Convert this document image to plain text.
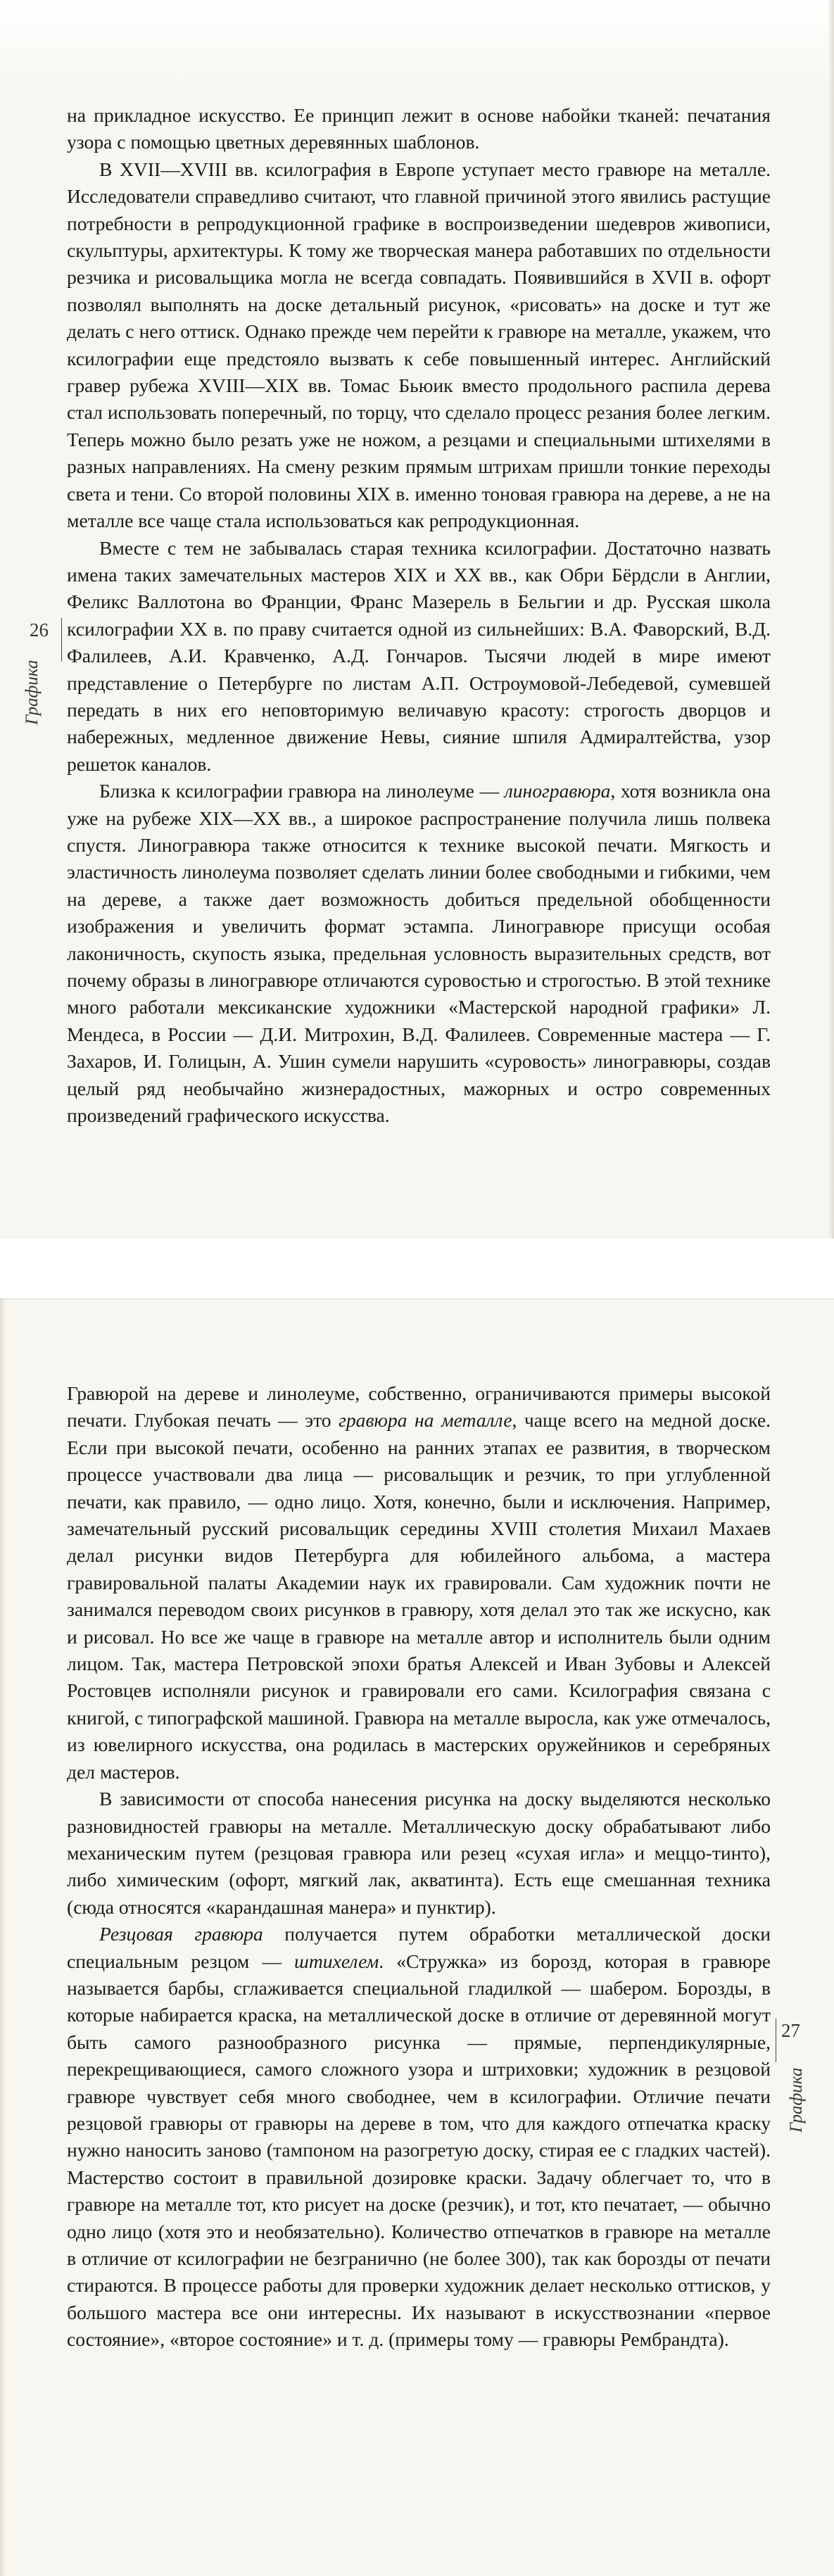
на прикладное искусство. Ее принцип лежит в основе набойки тканей: печатания узора с помощью цветных деревянных шаблонов.

В XVII—XVIII вв. ксилография в Европе уступает место гравюре на металле. Исследователи справедливо считают, что главной причиной этого явились растущие потребности в репродукционной графике в воспроизведении шедевров живописи, скульптуры, архитектуры. К тому же творческая манера работавших по отдельности резчика и рисовальщика могла не всегда совпадать. Появившийся в XVII в. офорт позволял выполнять на доске детальный рисунок, «рисовать» на доске и тут же делать с него оттиск. Однако прежде чем перейти к гравюре на металле, укажем, что ксилографии еще предстояло вызвать к себе повышенный интерес. Английский гравер рубежа XVIII—XIX вв. Томас Бьюик вместо продольного распила дерева стал использовать поперечный, по торцу, что сделало процесс резания более легким. Теперь можно было резать уже не ножом, а резцами и специальными штихелями в разных направлениях. На смену резким прямым штрихам пришли тонкие переходы света и тени. Со второй половины XIX в. именно тоновая гравюра на дереве, а не на металле все чаще стала использоваться как репродукционная.

Вместе с тем не забывалась старая техника ксилографии. Достаточно назвать имена таких замечательных мастеров XIX и XX вв., как Обри Бёрдсли в Англии, Феликс Валлотона во Франции, Франс Мазерель в Бельгии и др. Русская школа ксилографии XX в. по праву считается одной из сильнейших: В.А. Фаворский, В.Д. Фалилеев, А.И. Кравченко, А.Д. Гончаров. Тысячи людей в мире имеют представление о Петербурге по листам А.П. Остроумовой-Лебедевой, сумевшей передать в них его неповторимую величавую красоту: строгость дворцов и набережных, медленное движение Невы, сияние шпиля Адмиралтейства, узор решеток каналов.

Близка к ксилографии гравюра на линолеуме — линогравюра, хотя возникла она уже на рубеже XIX—XX вв., а широкое распространение получила лишь полвека спустя. Линогравюра также относится к технике высокой печати. Мягкость и эластичность линолеума позволяет сделать линии более свободными и гибкими, чем на дереве, а также дает возможность добиться предельной обобщенности изображения и увеличить формат эстампа. Линогравюре присущи особая лаконичность, скупость языка, предельная условность выразительных средств, вот почему образы в линогравюре отличаются суровостью и строгостью. В этой технике много работали мексиканские художники «Мастерской народной графики» Л. Мендеса, в России — Д.И. Митрохин, В.Д. Фалилеев. Современные мастера — Г. Захаров, И. Голицын, А. Ушин сумели нарушить «суровость» линогравюры, создав целый ряд необычайно жизнерадостных, мажорных и остро современных произведений графического искусства.

Гравюрой на дереве и линолеуме, собственно, ограничиваются примеры высокой печати. Глубокая печать — это гравюра на металле, чаще всего на медной доске. Если при высокой печати, особенно на ранних этапах ее развития, в творческом процессе участвовали два лица — рисовальщик и резчик, то при углубленной печати, как правило, — одно лицо. Хотя, конечно, были и исключения. Например, замечательный русский рисовальщик середины XVIII столетия Михаил Махаев делал рисунки видов Петербурга для юбилейного альбома, а мастера гравировальной палаты Академии наук их гравировали. Сам художник почти не занимался переводом своих рисунков в гравюру, хотя делал это так же искусно, как и рисовал. Но все же чаще в гравюре на металле автор и исполнитель были одним лицом. Так, мастера Петровской эпохи братья Алексей и Иван Зубовы и Алексей Ростовцев исполняли рисунок и гравировали его сами. Ксилография связана с книгой, с типографской машиной. Гравюра на металле выросла, как уже отмечалось, из ювелирного искусства, она родилась в мастерских оружейников и серебряных дел мастеров.

В зависимости от способа нанесения рисунка на доску выделяются несколько разновидностей гравюры на металле. Металлическую доску обрабатывают либо механическим путем (резцовая гравюра или резец «сухая игла» и меццо-тинто), либо химическим (офорт, мягкий лак, акватинта). Есть еще смешанная техника (сюда относятся «карандашная манера» и пунктир).

Резцовая гравюра получается путем обработки металлической доски специальным резцом — штихелем. «Стружка» из борозд, которая в гравюре называется барбы, сглаживается специальной гладилкой — шабером. Борозды, в которые набирается краска, на металлической доске в отличие от деревянной могут быть самого разнообразного рисунка — прямые, перпендикулярные, перекрещивающиеся, самого сложного узора и штриховки; художник в резцовой гравюре чувствует себя много свободнее, чем в ксилографии. Отличие печати резцовой гравюры от гравюры на дереве в том, что для каждого отпечатка краску нужно наносить заново (тампоном на разогретую доску, стирая ее с гладких частей). Мастерство состоит в правильной дозировке краски. Задачу облегчает то, что в гравюре на металле тот, кто рисует на доске (резчик), и тот, кто печатает, — обычно одно лицо (хотя это и необязательно). Количество отпечатков в гравюре на металле в отличие от ксилографии не безгранично (не более 300), так как борозды от печати стираются. В процессе работы для проверки художник делает несколько оттисков, у большого мастера все они интересны. Их называют в искусствознании «первое состояние», «второе состояние» и т. д. (примеры тому — гравюры Рембрандта).

26
Графика
27
Графика
